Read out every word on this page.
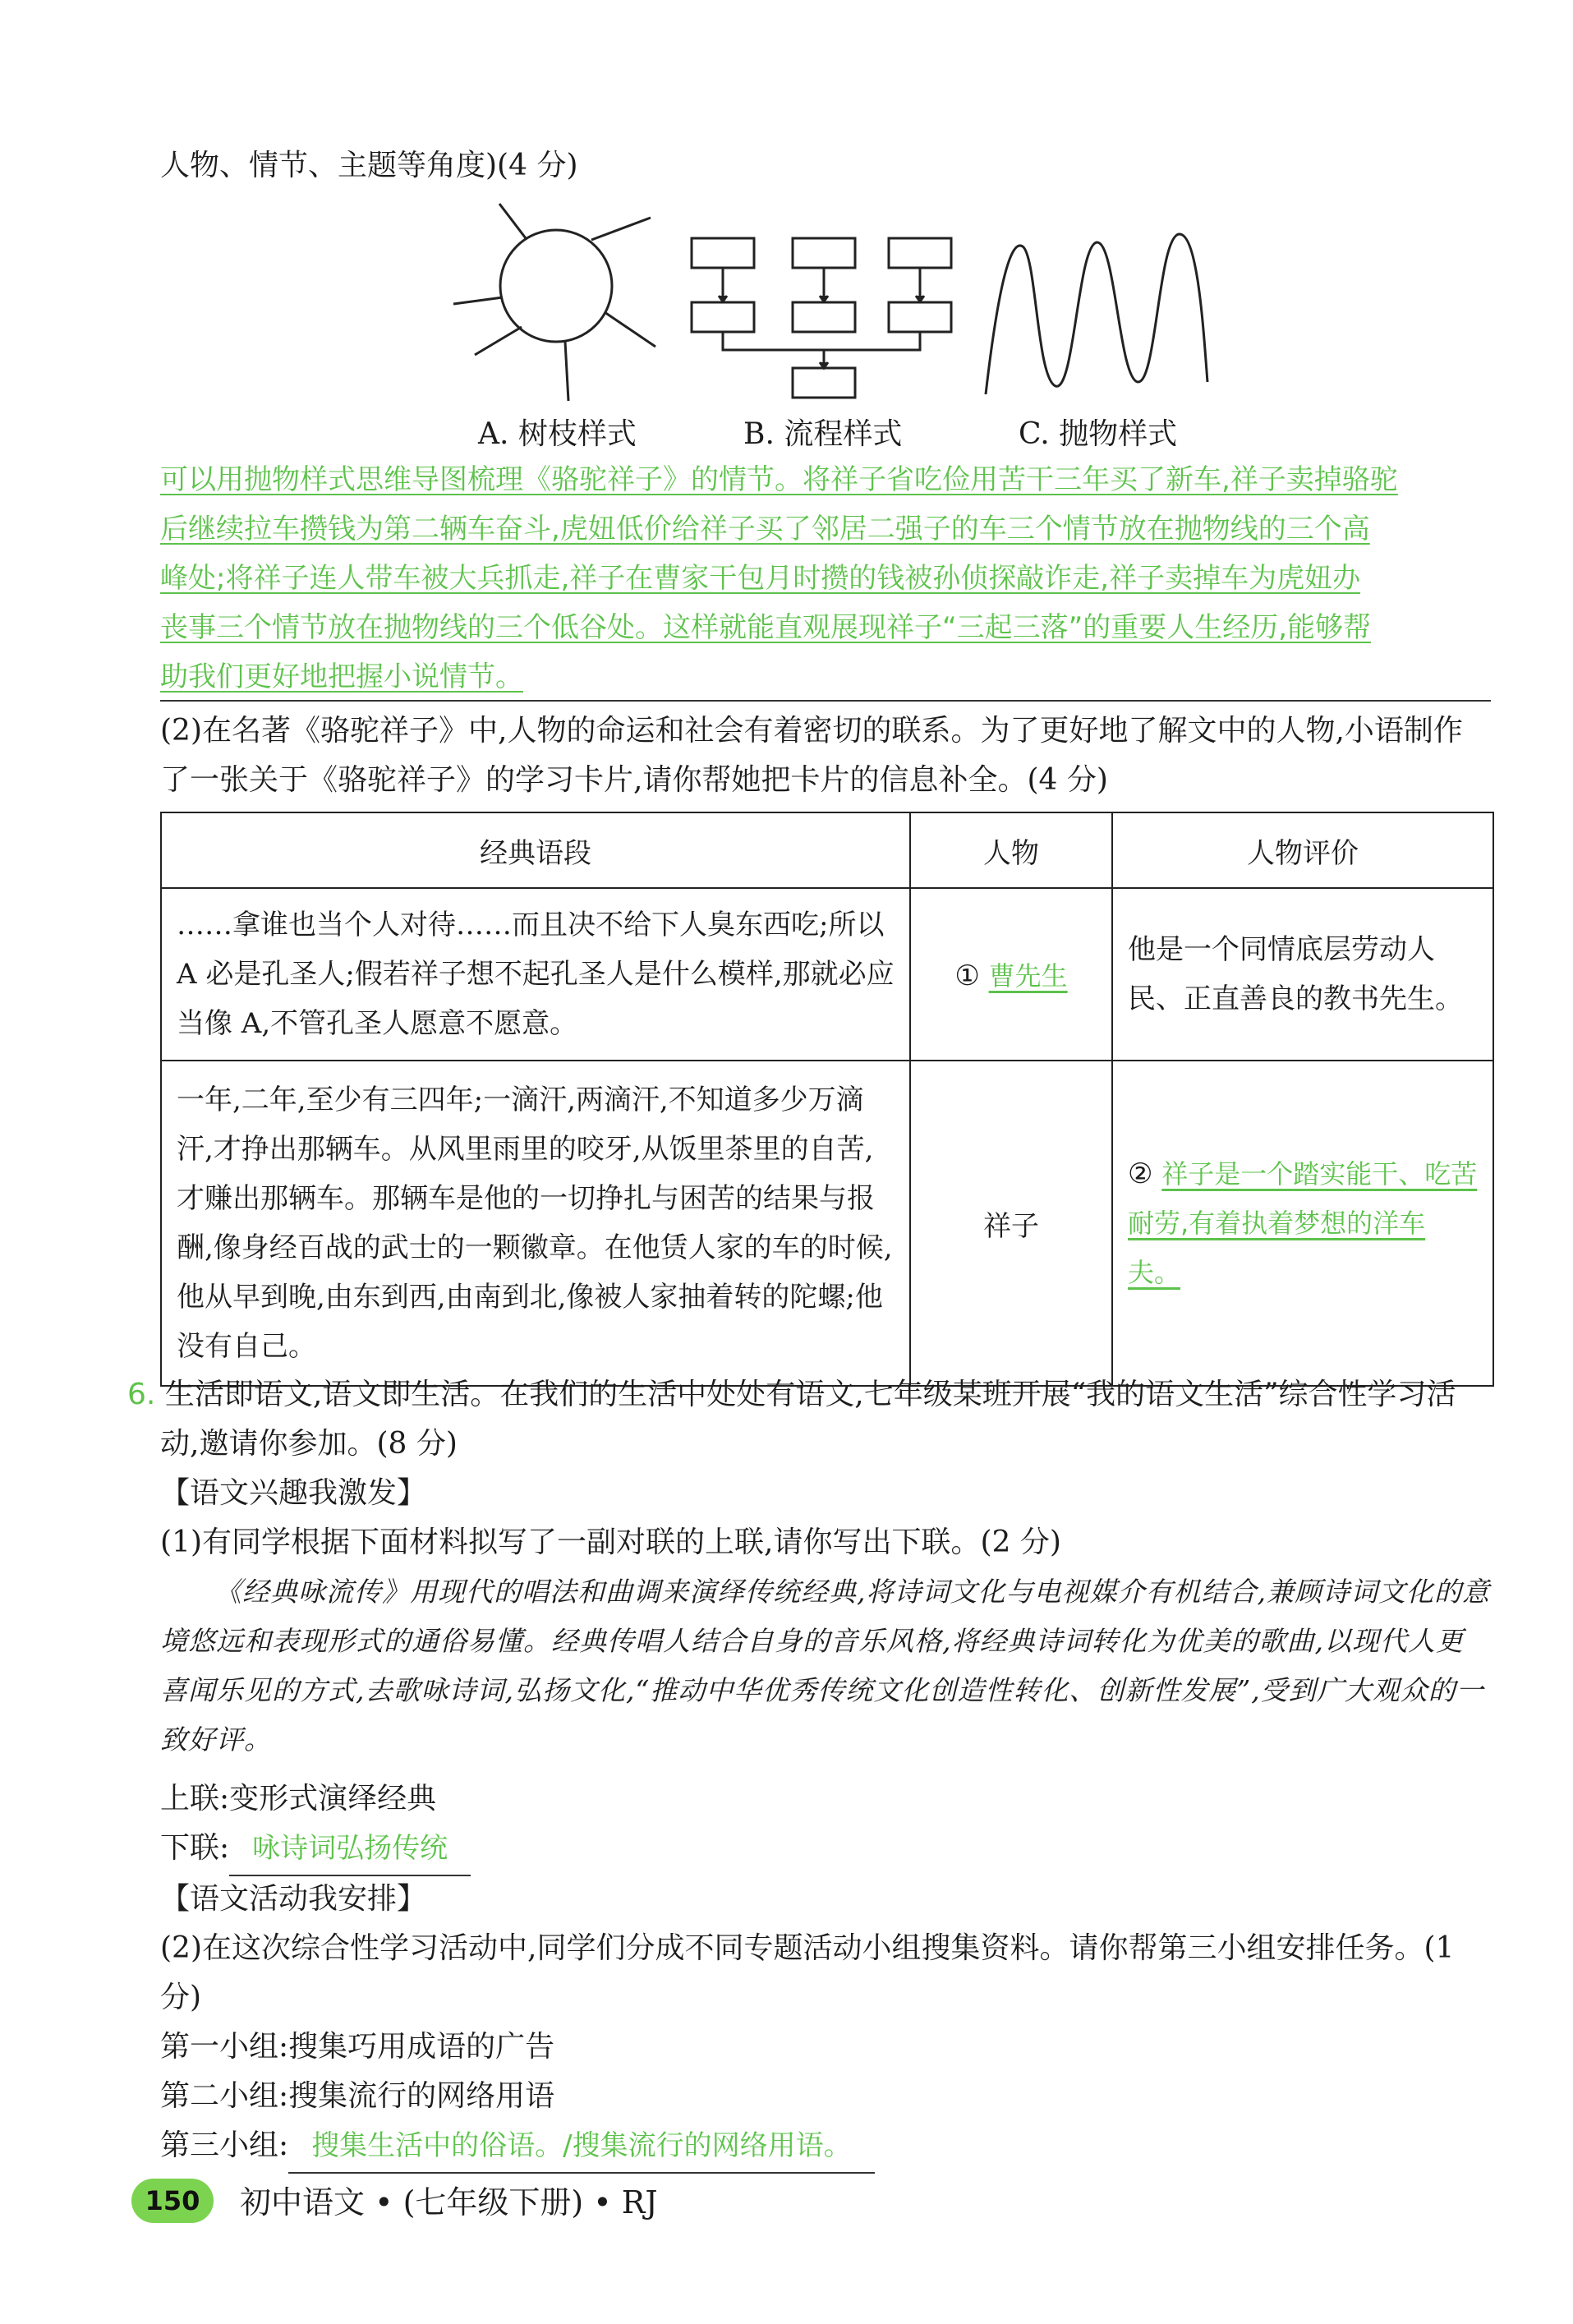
人物、情节、主题等角度)(4 分)
A. 树枝样式	B. 流程样式	C. 抛物样式
可以用抛物样式思维导图梳理《骆驼祥子》的情节。将祥子省吃俭用苦干三年买了新车,祥子卖掉骆驼
后继续拉车攒钱为第二辆车奋斗,虎妞低价给祥子买了邻居二强子的车三个情节放在抛物线的三个高
峰处;将祥子连人带车被大兵抓走,祥子在曹家干包月时攒的钱被孙侦探敲诈走,祥子卖掉车为虎妞办
丧事三个情节放在抛物线的三个低谷处。这样就能直观展现祥子“三起三落”的重要人生经历,能够帮
助我们更好地把握小说情节。
(2)在名著《骆驼祥子》中,人物的命运和社会有着密切的联系。为了更好地了解文中的人物,小语制作
了一张关于《骆驼祥子》的学习卡片,请你帮她把卡片的信息补全。(4 分)
经典语段	人物	人物评价
……拿谁也当个人对待……而且决不给下人臭东西吃;所以 A 必是孔圣人;假若祥子想不起孔圣人是什么模样,那就必应当像 A,不管孔圣人愿意不愿意。	① 曹先生	他是一个同情底层劳动人民、正直善良的教书先生。
一年,二年,至少有三四年;一滴汗,两滴汗,不知道多少万滴汗,才挣出那辆车。从风里雨里的咬牙,从饭里茶里的自苦,才赚出那辆车。那辆车是他的一切挣扎与困苦的结果与报酬,像身经百战的武士的一颗徽章。在他赁人家的车的时候,他从早到晚,由东到西,由南到北,像被人家抽着转的陀螺;他没有自己。	祥子	② 祥子是一个踏实能干、吃苦耐劳,有着执着梦想的洋车夫。
6. 生活即语文,语文即生活。在我们的生活中处处有语文,七年级某班开展“我的语文生活”综合性学习活
动,邀请你参加。(8 分)
【语文兴趣我激发】
(1)有同学根据下面材料拟写了一副对联的上联,请你写出下联。(2 分)
《经典咏流传》用现代的唱法和曲调来演绎传统经典,将诗词文化与电视媒介有机结合,兼顾诗词文化的意境悠远和表现形式的通俗易懂。经典传唱人结合自身的音乐风格,将经典诗词转化为优美的歌曲,以现代人更喜闻乐见的方式,去歌咏诗词,弘扬文化,“推动中华优秀传统文化创造性转化、创新性发展”,受到广大观众的一致好评。
上联:变形式演绎经典
下联: 咏诗词弘扬传统
【语文活动我安排】
(2)在这次综合性学习活动中,同学们分成不同专题活动小组搜集资料。请你帮第三小组安排任务。(1
分)
第一小组:搜集巧用成语的广告
第二小组:搜集流行的网络用语
第三小组: 搜集生活中的俗语。/搜集流行的网络用语。
150	初中语文 • (七年级下册) • RJ
